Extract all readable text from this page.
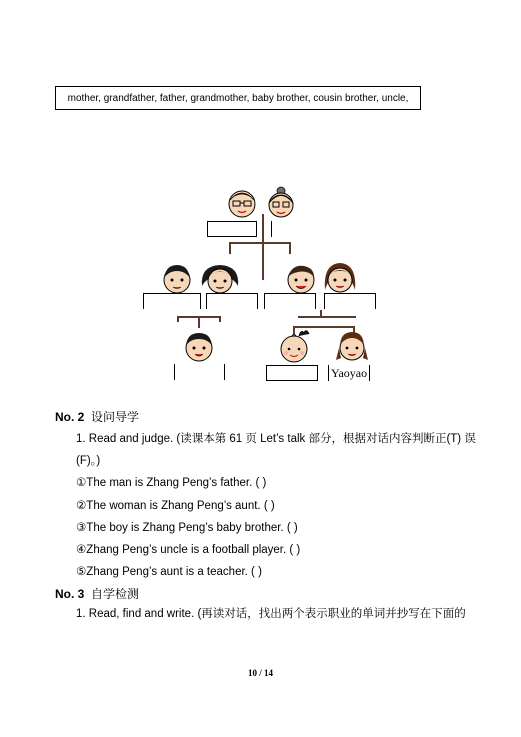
mother, grandfather, father, grandmother, baby brother, cousin brother, uncle,
Yaoyao
No. 2 设问导学
1. Read and judge. (读课本第 61 页 Let’s talk 部分，根据对话内容判断正(T) 误(F)。)
①The man is Zhang Peng’s father. ( )
②The woman is Zhang Peng’s aunt. ( )
③The boy is Zhang Peng’s baby brother. ( )
④Zhang Peng’s uncle is a football player. ( )
⑤Zhang Peng’s aunt is a teacher. ( )
No. 3 自学检测
1. Read, find and write. (再读对话，找出两个表示职业的单词并抄写在下面的
10 / 14
